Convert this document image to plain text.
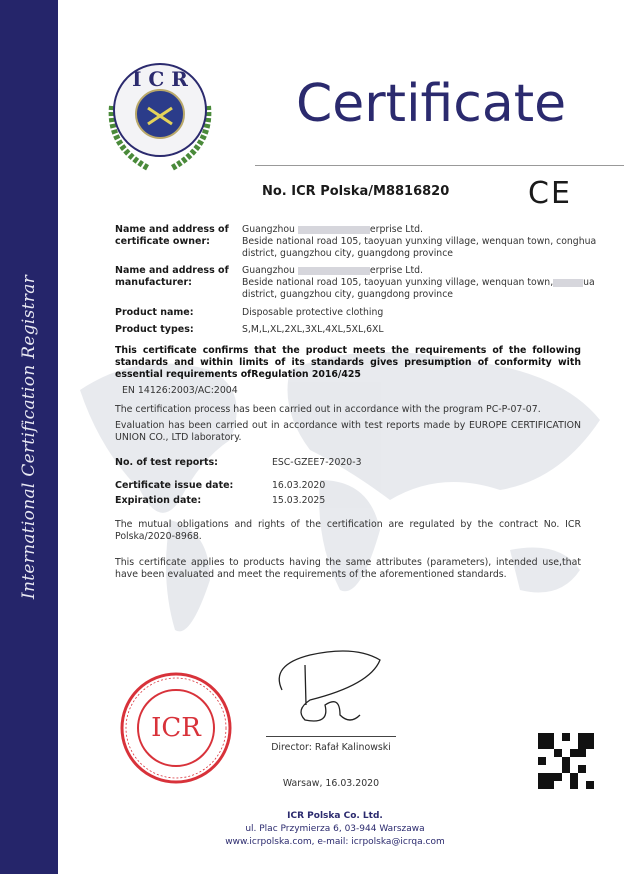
International Certification Registrar
I C R Certificate
No. ICR Polska/M8816820	CE
Name and address of
certificate owner:
Guangzhou	erprise Ltd.
Beside national road 105, taoyuan yunxing village, wenquan town, conghua
district, guangzhou city, guangdong province
Name and address of
manufacturer:
Guangzhou	erprise Ltd.
Beside national road 105, taoyuan yunxing village, wenquan town,	ua
district, guangzhou city, guangdong province
Product name:	Disposable protective clothing
Product types:	S,M,L,XL,2XL,3XL,4XL,5XL,6XL
This certificate confirms that the product meets the requirements of the following standards and within limits of its standards gives presumption of conformity with essential requirements ofRegulation 2016/425
EN 14126:2003/AC:2004
The certification process has been carried out in accordance with the program PC-P-07-07.
Evaluation has been carried out in accordance with test reports made by EUROPE CERTIFICATION UNION CO., LTD laboratory.
No. of test reports:	ESC-GZEE7-2020-3
Certificate issue date:	16.03.2020
Expiration date:	15.03.2025
The mutual obligations and rights of the certification are regulated by the contract No. ICR Polska/2020-8968.
This certificate applies to products having the same attributes (parameters), intended use,that have been evaluated and meet the requirements of the aforementioned standards.
ICR
Director: Rafał Kalinowski
Warsaw, 16.03.2020
ICR Polska Co. Ltd.
ul. Plac Przymierza 6, 03-944 Warszawa
www.icrpolska.com, e-mail: icrpolska@icrqa.com
